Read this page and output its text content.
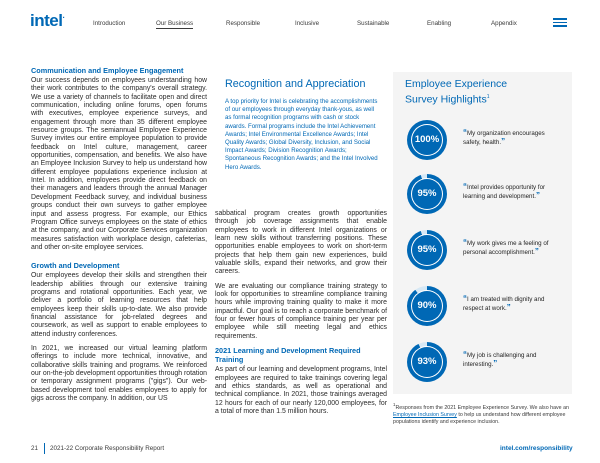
intel.
Introduction	Our Business	Responsible	Inclusive	Sustainable	Enabling	Appendix
Communication and Employee Engagement

Our success depends on employees understanding how their work contributes to the company's overall strategy. We use a variety of channels to facilitate open and direct communication, including online forums, open forums with executives, employee experience surveys, and engagement through more than 35 different employee resource groups. The semiannual Employee Experience Survey invites our entire employee population to provide feedback on Intel culture, management, career opportunities, compensation, and benefits. We also have an Employee Inclusion Survey to help us understand how different employee populations experience inclusion at Intel. In addition, employees provide direct feedback on their managers and leaders through the annual Manager Development Feedback survey, and individual business groups conduct their own surveys to gather employee input and assess progress. For example, our Ethics Program Office surveys employees on the state of ethics at the company, and our Corporate Services organization measures satisfaction with workplace design, cafeterias, and other on-site employee services.

Growth and Development

Our employees develop their skills and strengthen their leadership abilities through our extensive training programs and rotational opportunities. Each year, we deliver a portfolio of learning resources that help employees keep their skills up-to-date. We also provide financial assistance for job-related degrees and coursework, as well as support to enable employees to attend industry conferences.

In 2021, we increased our virtual learning platform offerings to include more technical, innovative, and collaborative skills training and programs. We reinforced our on-the-job development opportunities through rotation or temporary assignment programs ("gigs"). Our web-based development tool enables employees to apply for gigs across the company. In addition, our US

Recognition and Appreciation

A top priority for Intel is celebrating the accomplishments of our employees through everyday thank-yous, as well as formal recognition programs with cash or stock awards. Formal programs include the Intel Achievement Awards; Intel Environmental Excellence Awards; Intel Quality Awards; Global Diversity, Inclusion, and Social Impact Awards; Division Recognition Awards; Spontaneous Recognition Awards; and the Intel Involved Hero Awards.

sabbatical program creates growth opportunities through job coverage assignments that enable employees to work in different Intel organizations or learn new skills without transferring positions. These opportunities enable employees to work on short-term projects that help them gain new experiences, build valuable skills, expand their networks, and grow their careers.

We are evaluating our compliance training strategy to look for opportunities to streamline compliance training hours while improving training quality to make it more impactful. Our goal is to reach a corporate benchmark of four or fewer hours of compliance training per year per employee while still meeting legal and ethics requirements.

2021 Learning and Development Required Training

As part of our learning and development programs, Intel employees are required to take trainings covering legal and ethics standards, as well as operational and technical compliance. In 2021, those trainings averaged 12 hours for each of our nearly 120,000 employees, for a total of more than 1.5 million hours.

Employee Experience
Survey Highlights$^1$
100%
“My organization encourages safety, health.”
95%
“Intel provides opportunity for learning and development.”
95%
“My work gives me a feeling of personal accomplishment.”
90%
“I am treated with dignity and respect at work.”
93%
“My job is challenging and interesting.”
$^1$Responses from the 2021 Employee Experience Survey. We also have an Employee Inclusion Survey to help us understand how different employee populations identify and experience inclusion.
21 2021-22 Corporate Responsibility Report	intel.com/responsibility
